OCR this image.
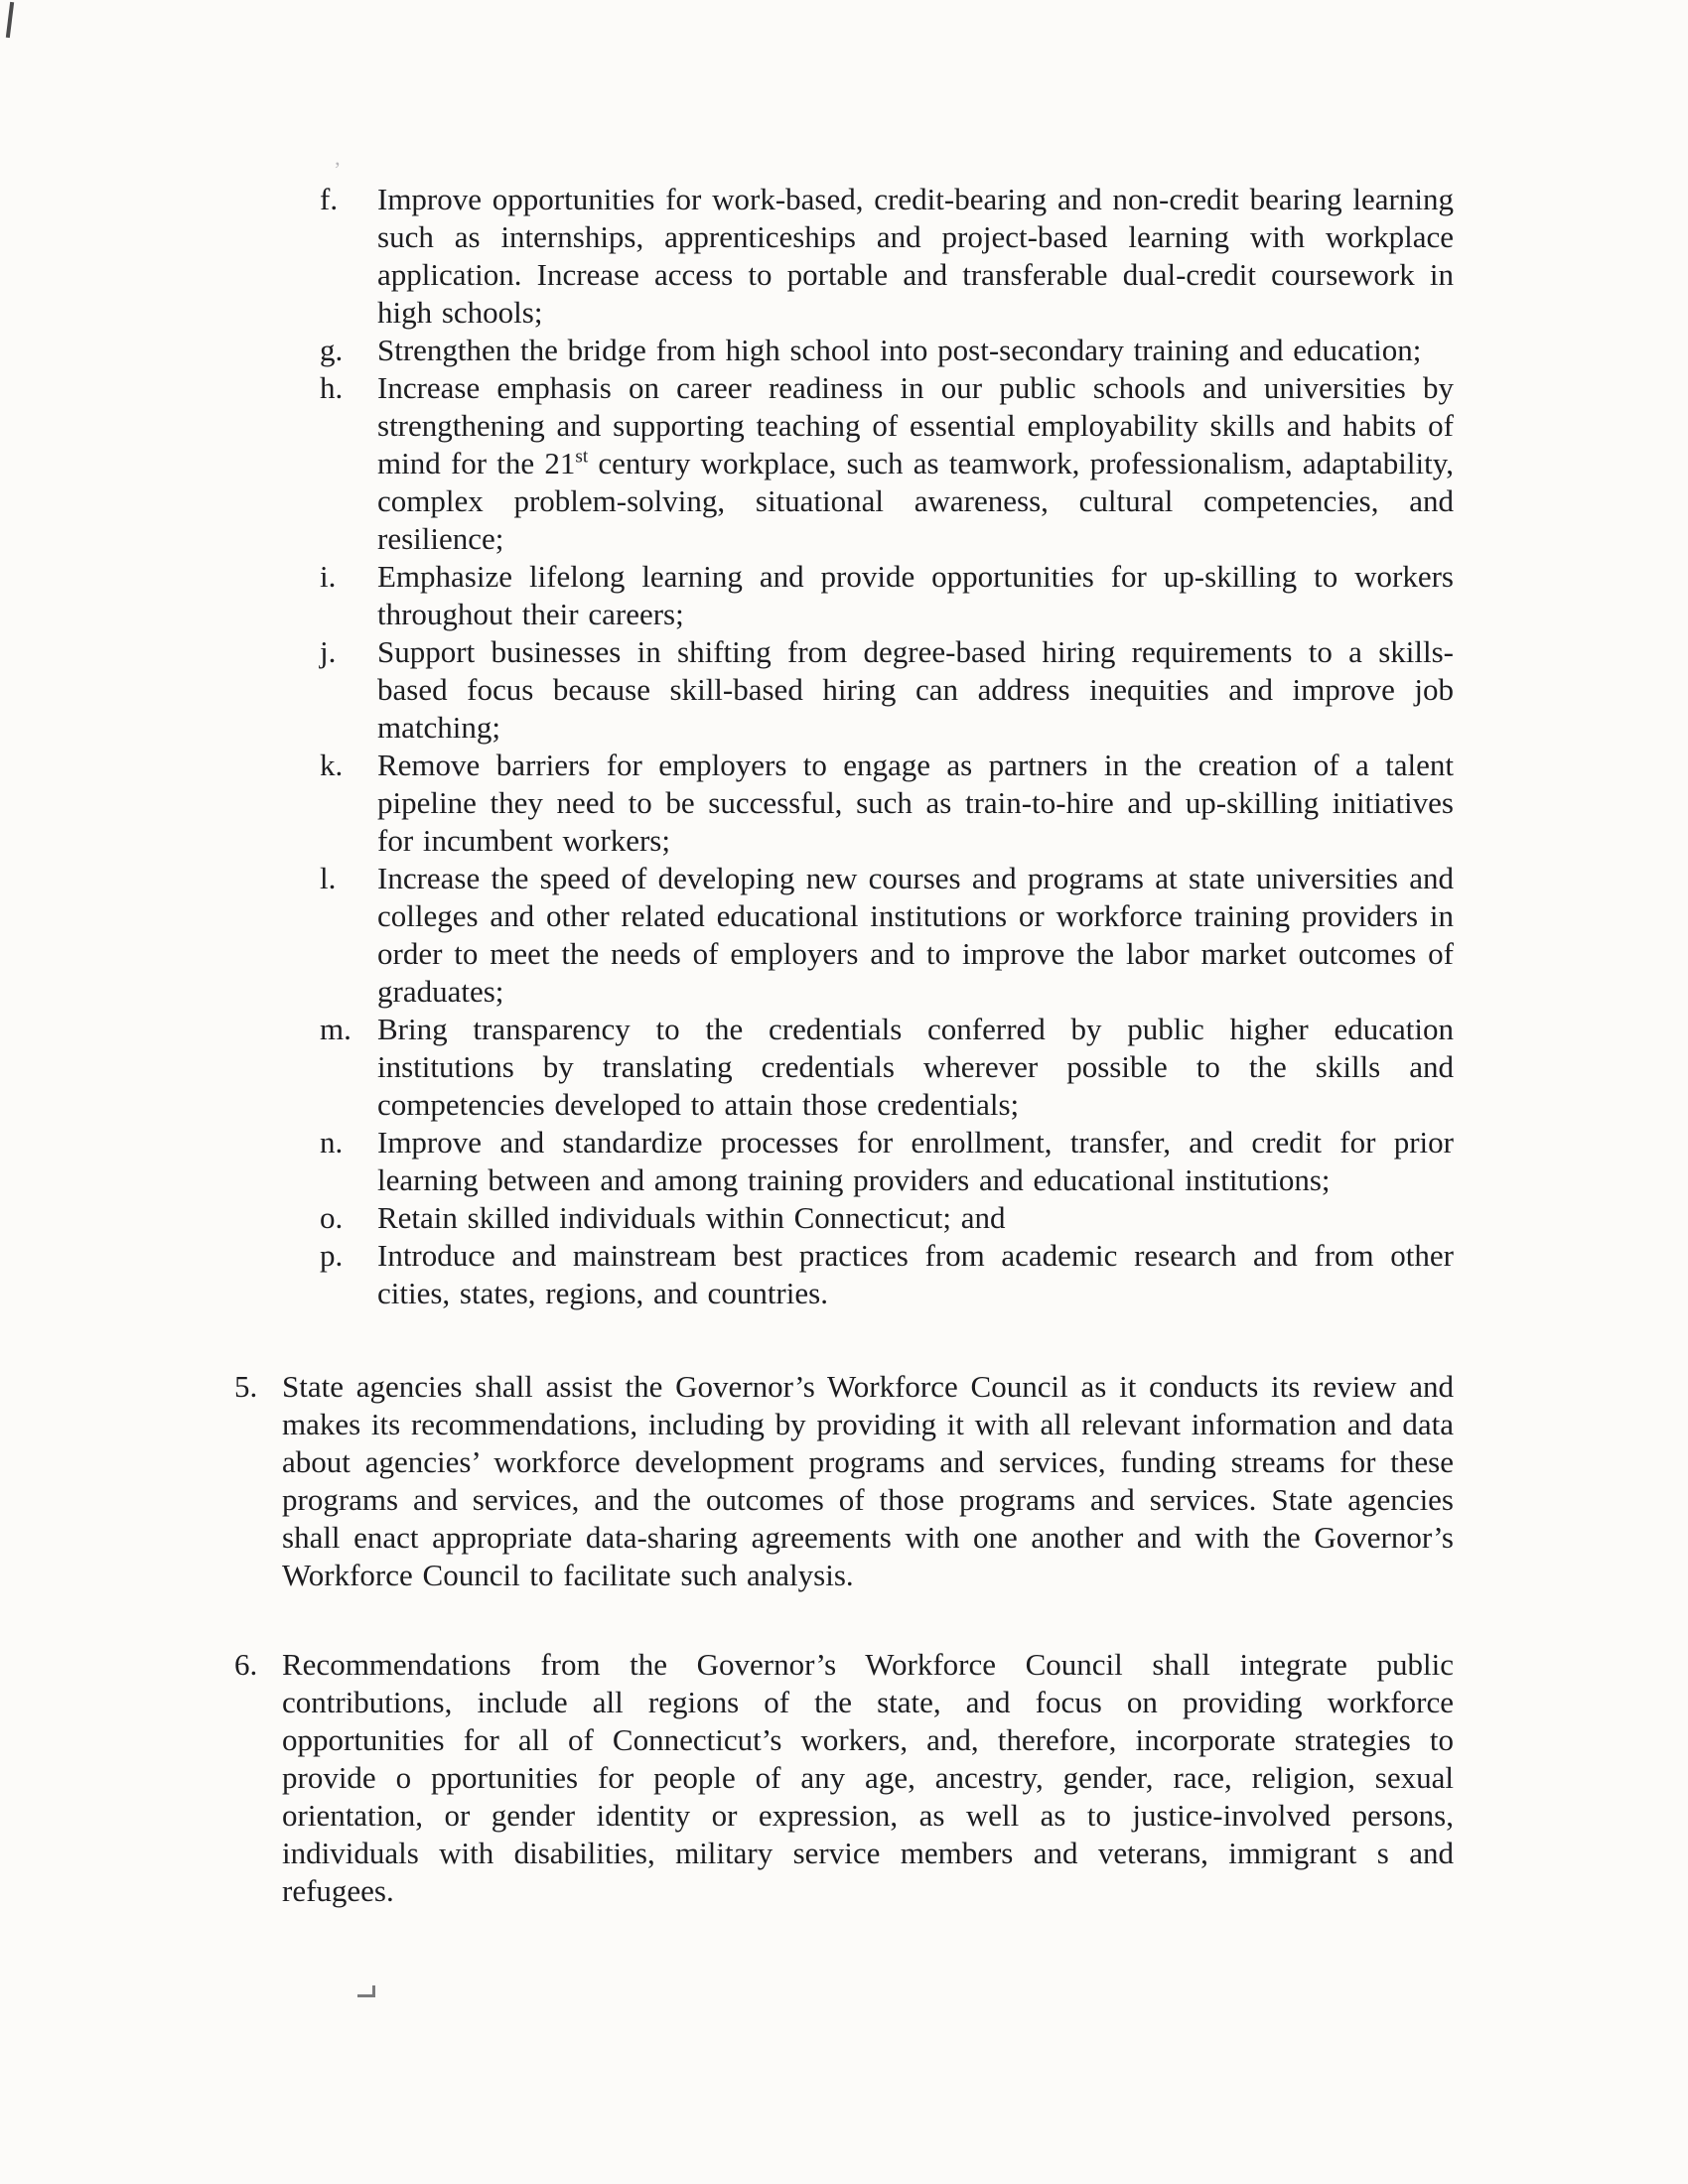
’
f.	Improve opportunities for work-based, credit-bearing and non-credit bearing learning such as internships, apprenticeships and project-based learning with workplace application. Increase access to portable and transferable dual-credit coursework in high schools;
g.	Strengthen the bridge from high school into post-secondary training and education;
h.	Increase emphasis on career readiness in our public schools and universities by strengthening and supporting teaching of essential employability skills and habits of mind for the 21st century workplace, such as teamwork, professionalism, adaptability, complex problem-solving, situational awareness, cultural competencies, and resilience;
i.	Emphasize lifelong learning and provide opportunities for up-skilling to workers throughout their careers;
j.	Support businesses in shifting from degree-based hiring requirements to a skills-based focus because skill-based hiring can address inequities and improve job matching;
k.	Remove barriers for employers to engage as partners in the creation of a talent pipeline they need to be successful, such as train-to-hire and up-skilling initiatives for incumbent workers;
l.	Increase the speed of developing new courses and programs at state universities and colleges and other related educational institutions or workforce training providers in order to meet the needs of employers and to improve the labor market outcomes of graduates;
m. Bring transparency to the credentials conferred by public higher education institutions by translating credentials wherever possible to the skills and competencies developed to attain those credentials;
n.	Improve and standardize processes for enrollment, transfer, and credit for prior learning between and among training providers and educational institutions;
o.	Retain skilled individuals within Connecticut; and
p.	Introduce and mainstream best practices from academic research and from other cities, states, regions, and countries.
5. State agencies shall assist the Governor’s Workforce Council as it conducts its review and makes its recommendations, including by providing it with all relevant information and data about agencies’ workforce development programs and services, funding streams for these programs and services, and the outcomes of those programs and services. State agencies shall enact appropriate data-sharing agreements with one another and with the Governor’s Workforce Council to facilitate such analysis.
6. Recommendations from the Governor’s Workforce Council shall integrate public contributions, include all regions of the state, and focus on providing workforce opportunities for all of Connecticut’s workers, and, therefore, incorporate strategies to provide o pportunities for people of any age, ancestry, gender, race, religion, sexual orientation, or gender identity or expression, as well as to justice-involved persons, individuals with disabilities, military service members and veterans, immigrant s and refugees.
